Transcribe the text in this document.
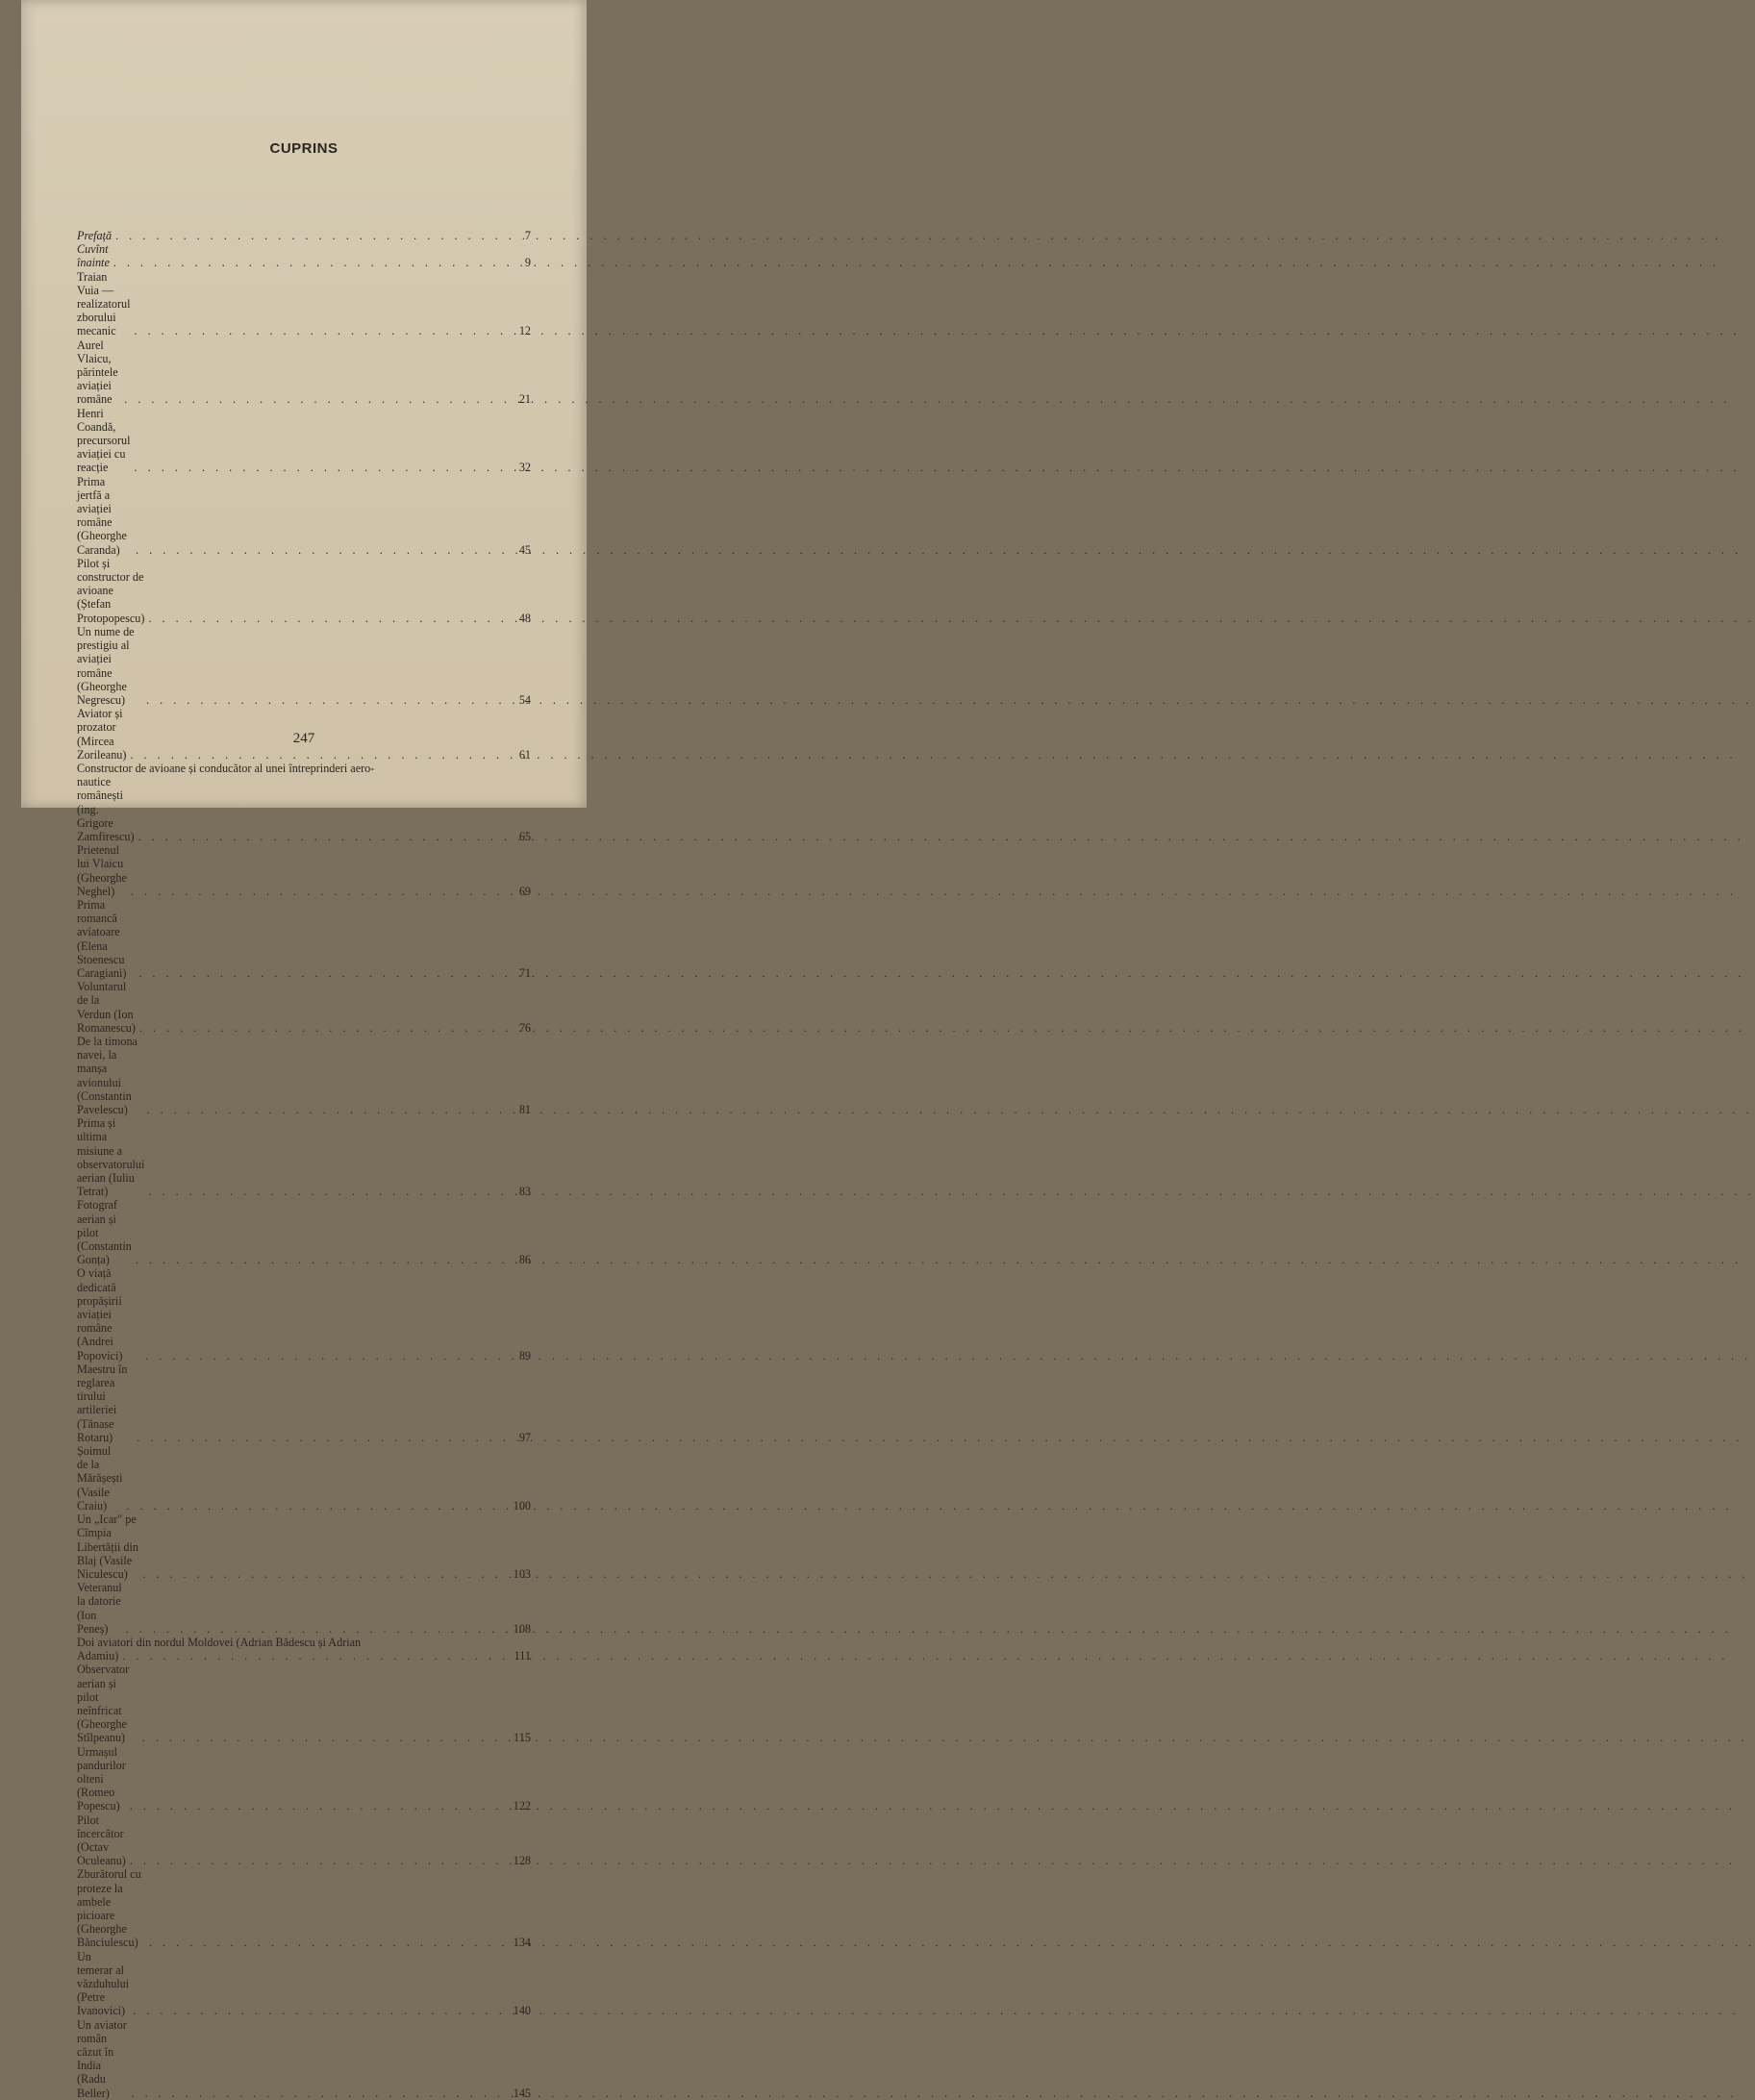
CUPRINS
Prefață . . .	7
Cuvînt înainte . . .	9
Traian Vuia — realizatorul zborului mecanic . . .	12
Aurel Vlaicu, părintele aviației române . . .	21
Henri Coandă, precursorul aviației cu reacție . . .	32
Prima jertfă a aviației române (Gheorghe Caranda) . . .	45
Pilot și constructor de avioane (Ștefan Protopopescu) . . .	48
Un nume de prestigiu al aviației române (Gheorghe Negrescu) . . .	54
Aviator și prozator (Mircea Zorileanu) . . .	61
Constructor de avioane și conducător al unei întreprinderi aero-
nautice românești (ing. Grigore Zamfirescu) . . .	65
Prietenul lui Vlaicu (Gheorghe Neghel) . . .	69
Prima romancă aviatoare (Elena Stoenescu Caragiani) . . .	71
Voluntarul de la Verdun (Ion Romanescu) . . .	76
De la timona navei, la manșa avionului (Constantin Pavelescu) . . .	81
Prima și ultima misiune a observatorului aerian (Iuliu Tetrat) . . .	83
Fotograf aerian și pilot (Constantin Gonța) . . .	86
O viață dedicată propășirii aviației române (Andrei Popovici) . . .	89
Maestru în reglarea tirului artileriei (Tănase Rotaru) . . .	97
Șoimul de la Mărășești (Vasile Craiu) . . .	100
Un „Icar" pe Cîmpia Libertății din Blaj (Vasile Niculescu) . . .	103
Veteranul la datorie (Ion Peneș) . . .	108
Doi aviatori din nordul Moldovei (Adrian Bădescu și Adrian
Adamiu) . . .	111
Observator aerian și pilot neînfricat (Gheorghe Stîlpeanu) . . .	115
Urmașul pandurilor olteni (Romeo Popescu) . . .	122
Pilot încercător (Octav Oculeanu) . . .	128
Zburătorul cu proteze la ambele picioare (Gheorghe Bănciulescu) . . .	134
Un temerar al văzduhului (Petre Ivanovici) . . .	140
Un aviator român căzut în India (Radu Beller) . . .	145
247
